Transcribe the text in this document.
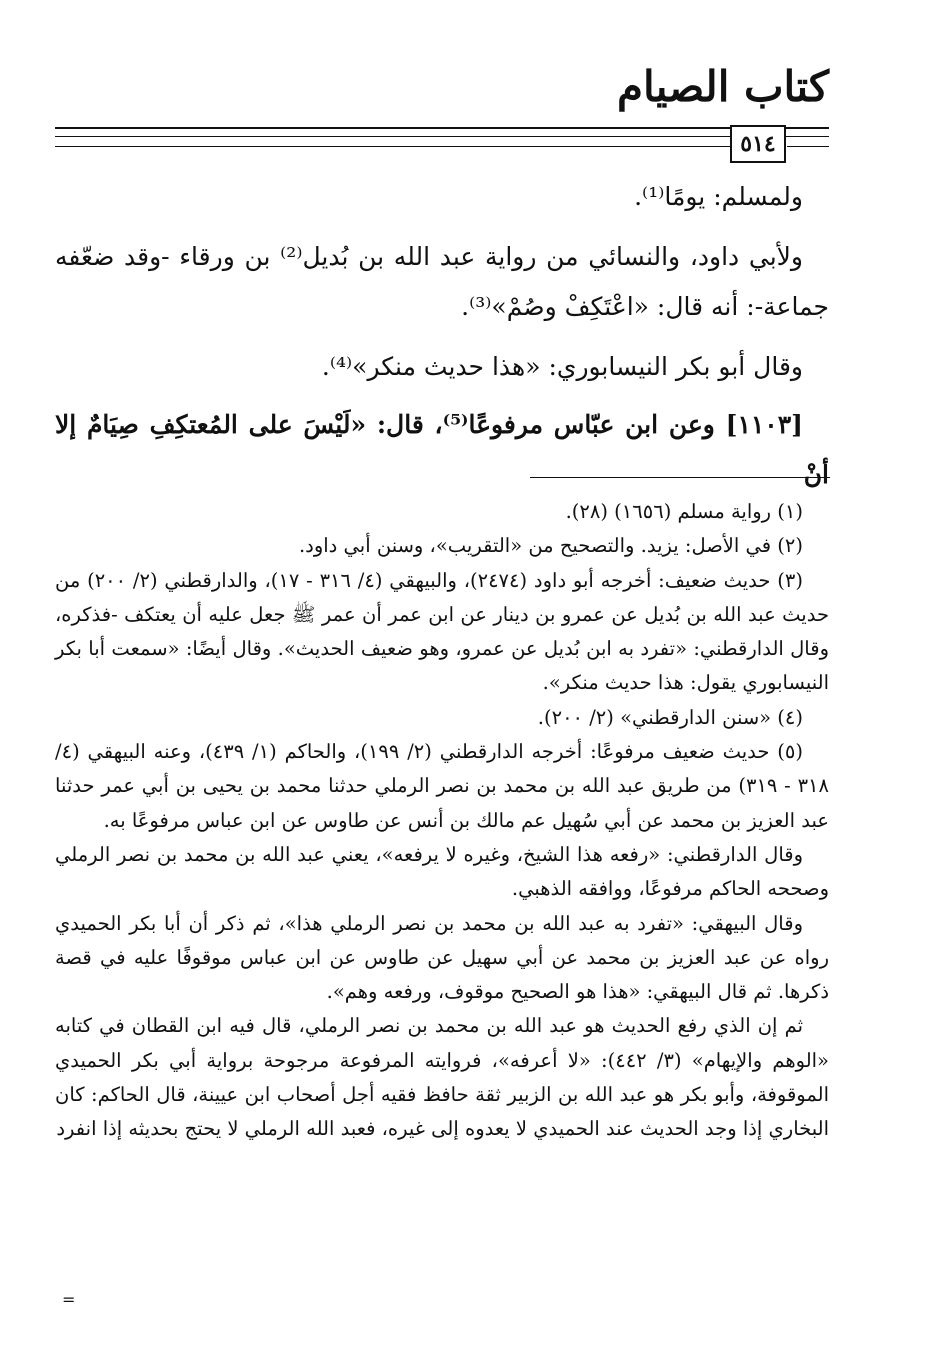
كتاب الصيام
٥١٤

ولمسلم: يومًا⁽¹⁾.

ولأبي داود، والنسائي من رواية عبد الله بن بُديل⁽²⁾ بن ورقاء -وقد ضعّفه جماعة-: أنه قال: «اعْتَكِفْ وصُمْ»⁽³⁾.

وقال أبو بكر النيسابوري: «هذا حديث منكر»⁽⁴⁾.

[١١٠٣] وعن ابن عبّاس مرفوعًا⁽⁵⁾، قال: «لَيْسَ على المُعتكِفِ صِيَامٌ إلا أنْ

(١) رواية مسلم (١٦٥٦) (٢٨).

(٢) في الأصل: يزيد. والتصحيح من «التقريب»، وسنن أبي داود.

(٣) حديث ضعيف: أخرجه أبو داود (٢٤٧٤)، والبيهقي (٤/ ٣١٦ - ١٧)، والدارقطني (٢/ ٢٠٠) من حديث عبد الله بن بُديل عن عمرو بن دينار عن ابن عمر أن عمر ﷺ جعل عليه أن يعتكف -فذكره، وقال الدارقطني: «تفرد به ابن بُديل عن عمرو، وهو ضعيف الحديث». وقال أيضًا: «سمعت أبا بكر النيسابوري يقول: هذا حديث منكر».

(٤) «سنن الدارقطني» (٢/ ٢٠٠).

(٥) حديث ضعيف مرفوعًا: أخرجه الدارقطني (٢/ ١٩٩)، والحاكم (١/ ٤٣٩)، وعنه البيهقي (٤/ ٣١٨ - ٣١٩) من طريق عبد الله بن محمد بن نصر الرملي حدثنا محمد بن يحيى بن أبي عمر حدثنا عبد العزيز بن محمد عن أبي سُهيل عم مالك بن أنس عن طاوس عن ابن عباس مرفوعًا به.

وقال الدارقطني: «رفعه هذا الشيخ، وغيره لا يرفعه»، يعني عبد الله بن محمد بن نصر الرملي وصححه الحاكم مرفوعًا، ووافقه الذهبي.

وقال البيهقي: «تفرد به عبد الله بن محمد بن نصر الرملي هذا»، ثم ذكر أن أبا بكر الحميدي رواه عن عبد العزيز بن محمد عن أبي سهيل عن طاوس عن ابن عباس موقوفًا عليه في قصة ذكرها. ثم قال البيهقي: «هذا هو الصحيح موقوف، ورفعه وهم».

ثم إن الذي رفع الحديث هو عبد الله بن محمد بن نصر الرملي، قال فيه ابن القطان في كتابه «الوهم والإيهام» (٣/ ٤٤٢): «لا أعرفه»، فروايته المرفوعة مرجوحة برواية أبي بكر الحميدي الموقوفة، وأبو بكر هو عبد الله بن الزبير ثقة حافظ فقيه أجل أصحاب ابن عيينة، قال الحاكم: كان البخاري إذا وجد الحديث عند الحميدي لا يعدوه إلى غيره، فعبد الله الرملي لا يحتج بحديثه إذا انفرد

=
